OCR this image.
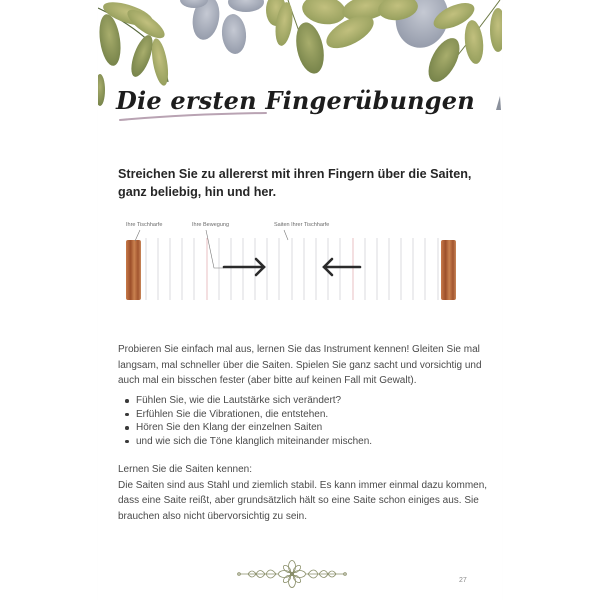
Die ersten Fingerübungen
Streichen Sie zu allererst mit ihren Fingern über die Saiten, ganz beliebig, hin und her.
Ihre Tischharfe	Ihre Bewegung	Saiten Ihrer Tischharfe
Probieren Sie einfach mal aus, lernen Sie das Instrument kennen! Gleiten Sie mal langsam, mal schneller über die Saiten. Spielen Sie ganz sacht und vorsichtig und auch mal ein bisschen fester (aber bitte auf keinen Fall mit Gewalt).
Fühlen Sie, wie die Lautstärke sich verändert?
Erfühlen Sie die Vibrationen, die entstehen.
Hören Sie den Klang der einzelnen Saiten
und wie sich die Töne klanglich miteinander mischen.
Lernen Sie die Saiten kennen:
Die Saiten sind aus Stahl und ziemlich stabil. Es kann immer einmal dazu kommen, dass eine Saite reißt, aber grundsätzlich hält so eine Saite schon einiges aus. Sie brauchen also nicht übervorsichtig zu sein.
27
